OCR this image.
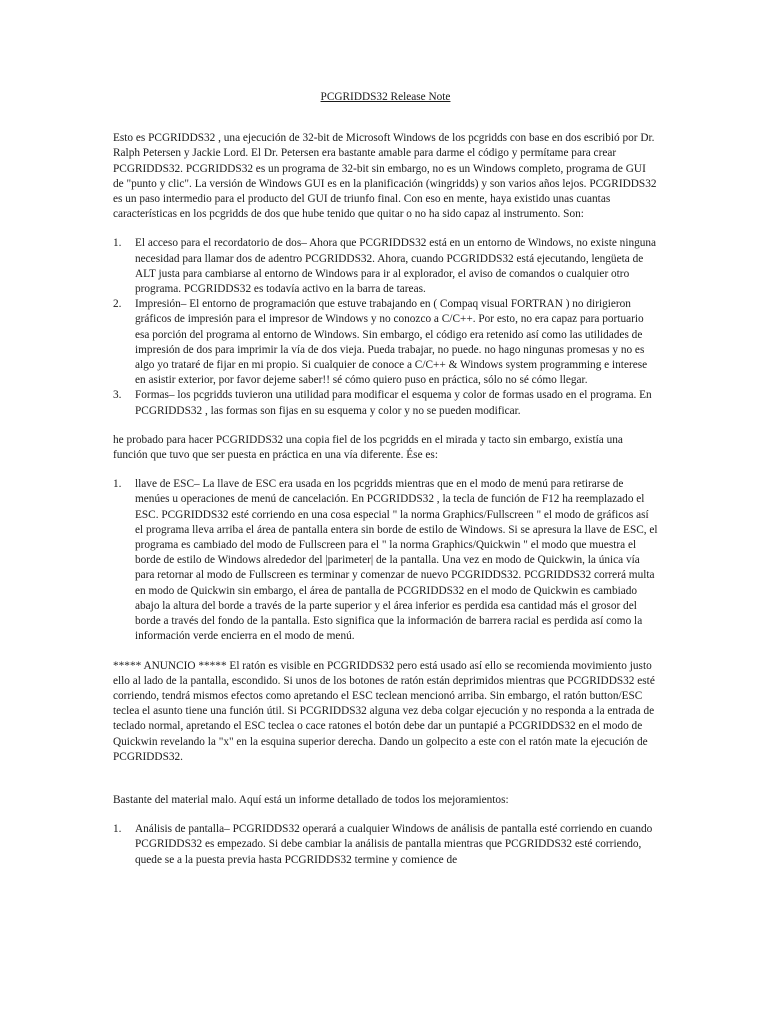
PCGRIDDS32 Release Note

Esto es PCGRIDDS32 , una ejecución de 32-bit de Microsoft Windows de los pcgridds con base en dos escribió por Dr. Ralph Petersen y Jackie Lord. El Dr. Petersen era bastante amable para darme el código y permítame para crear PCGRIDDS32. PCGRIDDS32 es un programa de 32-bit sin embargo, no es un Windows completo, programa de GUI de "punto y clic". La versión de Windows GUI es en la planificación (wingridds) y son varios años lejos. PCGRIDDS32 es un paso intermedio para el producto del GUI de triunfo final. Con eso en mente, haya existido unas cuantas características en los pcgridds de dos que hube tenido que quitar o no ha sido capaz al instrumento. Son:

1. El acceso para el recordatorio de dos– Ahora que PCGRIDDS32 está en un entorno de Windows, no existe ninguna necesidad para llamar dos de adentro PCGRIDDS32. Ahora, cuando PCGRIDDS32 está ejecutando, lengüeta de ALT justa para cambiarse al entorno de Windows para ir al explorador, el aviso de comandos o cualquier otro programa. PCGRIDDS32 es todavía activo en la barra de tareas.
2. Impresión– El entorno de programación que estuve trabajando en ( Compaq visual FORTRAN ) no dirigieron gráficos de impresión para el impresor de Windows y no conozco a C/C++. Por esto, no era capaz para portuario esa porción del programa al entorno de Windows. Sin embargo, el código era retenido así como las utilidades de impresión de dos para imprimir la vía de dos vieja. Pueda trabajar, no puede. no hago ningunas promesas y no es algo yo trataré de fijar en mi propio. Si cualquier de conoce a C/C++ & Windows system programming e interese en asistir exterior, por favor dejeme saber!! sé cómo quiero puso en práctica, sólo no sé cómo llegar.
3. Formas– los pcgridds tuvieron una utilidad para modificar el esquema y color de formas usado en el programa. En PCGRIDDS32 , las formas son fijas en su esquema y color y no se pueden modificar.

he probado para hacer PCGRIDDS32 una copia fiel de los pcgridds en el mirada y tacto sin embargo, existía una función que tuvo que ser puesta en práctica en una vía diferente. Ése es:

1. llave de ESC– La llave de ESC era usada en los pcgridds mientras que en el modo de menú para retirarse de menúes u operaciones de menú de cancelación. En PCGRIDDS32 , la tecla de función de F12 ha reemplazado el ESC. PCGRIDDS32 esté corriendo en una cosa especial " la norma Graphics/Fullscreen " el modo de gráficos así el programa lleva arriba el área de pantalla entera sin borde de estilo de Windows. Si se apresura la llave de ESC, el programa es cambiado del modo de Fullscreen para el " la norma Graphics/Quickwin " el modo que muestra el borde de estilo de Windows alrededor del |parimeter| de la pantalla. Una vez en modo de Quickwin, la única vía para retornar al modo de Fullscreen es terminar y comenzar de nuevo PCGRIDDS32. PCGRIDDS32 correrá multa en modo de Quickwin sin embargo, el área de pantalla de PCGRIDDS32 en el modo de Quickwin es cambiado abajo la altura del borde a través de la parte superior y el área inferior es perdida esa cantidad más el grosor del borde a través del fondo de la pantalla. Esto significa que la información de barrera racial es perdida así como la información verde encierra en el modo de menú.

***** ANUNCIO ***** El ratón es visible en PCGRIDDS32 pero está usado así ello se recomienda movimiento justo ello al lado de la pantalla, escondido. Si unos de los botones de ratón están deprimidos mientras que PCGRIDDS32 esté corriendo, tendrá mismos efectos como apretando el ESC teclean mencionó arriba. Sin embargo, el ratón button/ESC teclea el asunto tiene una función útil. Si PCGRIDDS32 alguna vez deba colgar ejecución y no responda a la entrada de teclado normal, apretando el ESC teclea o cace ratones el botón debe dar un puntapié a PCGRIDDS32 en el modo de Quickwin revelando la "x" en la esquina superior derecha. Dando un golpecito a este con el ratón mate la ejecución de PCGRIDDS32.

Bastante del material malo. Aquí está un informe detallado de todos los mejoramientos:

1. Análisis de pantalla– PCGRIDDS32 operará a cualquier Windows de análisis de pantalla esté corriendo en cuando PCGRIDDS32 es empezado. Si debe cambiar la análisis de pantalla mientras que PCGRIDDS32 esté corriendo, quede se a la puesta previa hasta PCGRIDDS32 termine y comience de
